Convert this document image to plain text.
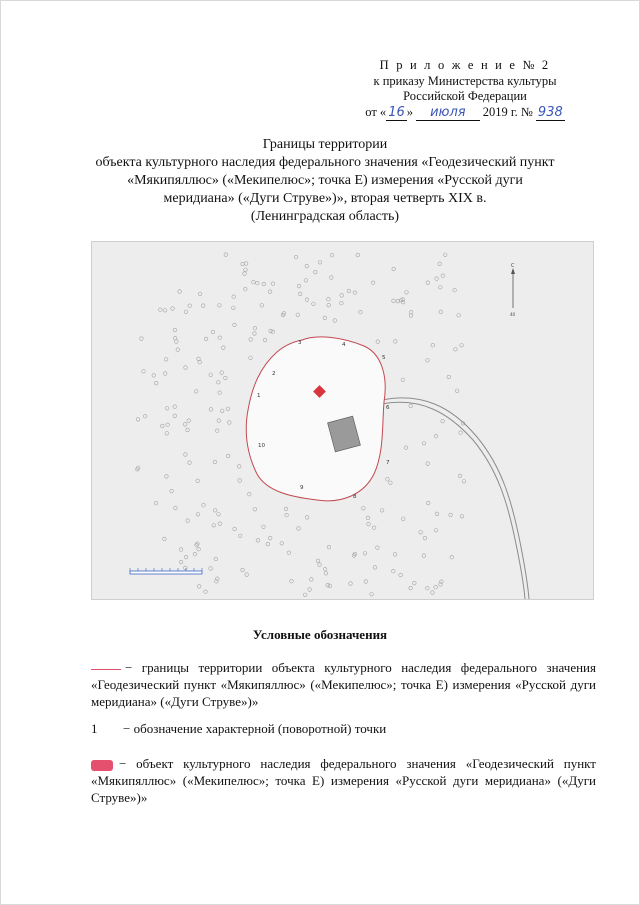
П р и л о ж е н и е № 2
к приказу Министерства культуры
Российской Федерации
от « 16 » июля 2019 г. № 938
Границы территории
объекта культурного наследия федерального значения «Геодезический пункт
«Мякипяллюс» («Мекипелюс»; точка Е) измерения «Русской дуги
меридиана» («Дуги Струве»)», вторая четверть XIX в.
(Ленинградская область)
1
2
3	4
5
6
7
8
9
10
С
40
Условные обозначения
− границы территории объекта культурного наследия федерального значения «Геодезический пункт «Мякипяллюс» («Мекипелюс»; точка Е) измерения «Русской дуги меридиана» («Дуги Струве»)»
1 − обозначение характерной (поворотной) точки
− объект культурного наследия федерального значения «Геодезический пункт «Мякипяллюс» («Мекипелюс»; точка Е) измерения «Русской дуги меридиана» («Дуги Струве»)»
